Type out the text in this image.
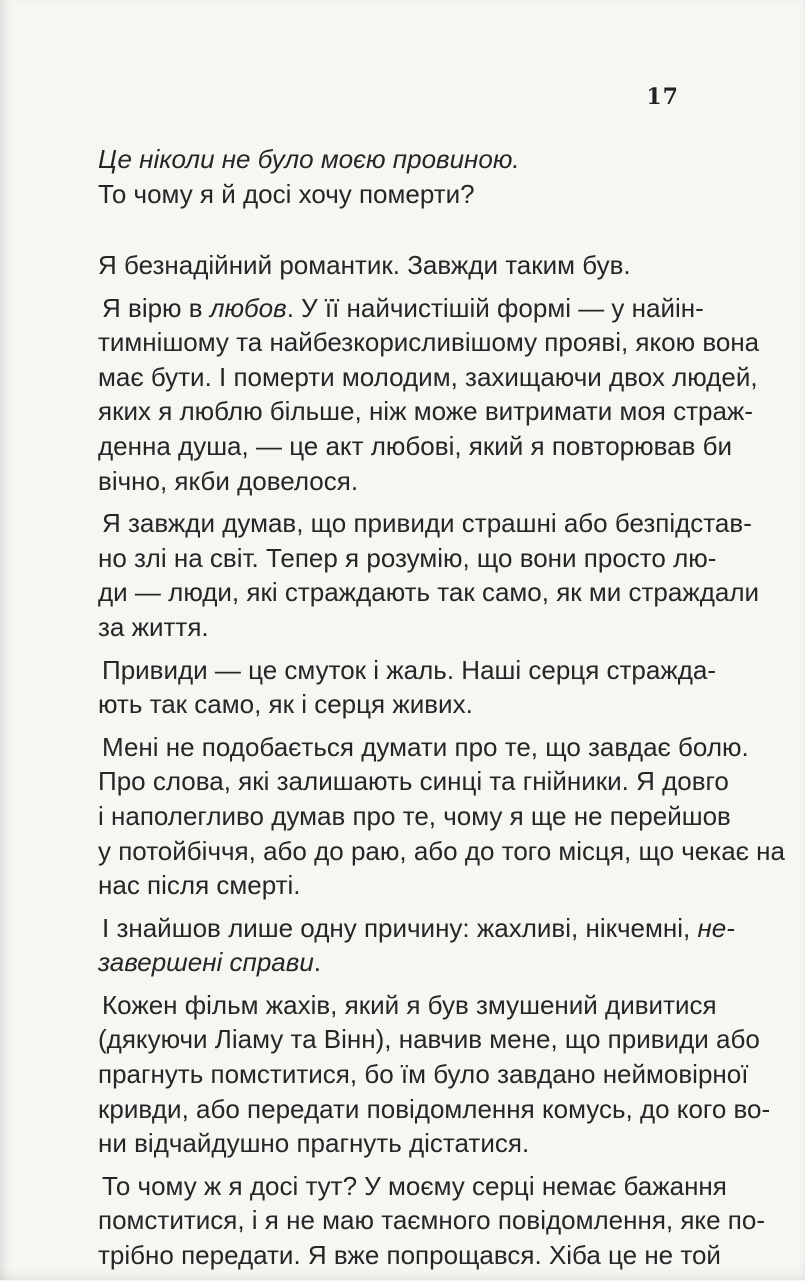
17

Це ніколи не було моєю провиною.

То чому я й досі хочу померти?

Я безнадійний романтик. Завжди таким був.

Я вірю в любов. У її найчистішій формі — у найін-
тимнішому та найбезкорисливішому прояві, якою вона
має бути. І померти молодим, захищаючи двох людей,
яких я люблю більше, ніж може витримати моя страж-
денна душа, — це акт любові, який я повторював би
вічно, якби довелося.

Я завжди думав, що привиди страшні або безпідстав-
но злі на світ. Тепер я розумію, що вони просто лю-
ди — люди, які страждають так само, як ми страждали
за життя.

Привиди — це смуток і жаль. Наші серця стражда-
ють так само, як і серця живих.

Мені не подобається думати про те, що завдає болю.
Про слова, які залишають синці та гнійники. Я довго
і наполегливо думав про те, чому я ще не перейшов
у потойбіччя, або до раю, або до того місця, що чекає на
нас після смерті.

І знайшов лише одну причину: жахливі, нікчемні, не-
завершені справи.

Кожен фільм жахів, який я був змушений дивитися
(дякуючи Ліаму та Вінн), навчив мене, що привиди або
прагнуть помститися, бо їм було завдано неймовірної
кривди, або передати повідомлення комусь, до кого во-
ни відчайдушно прагнуть дістатися.

То чому ж я досі тут? У моєму серці немає бажання
помститися, і я не маю таємного повідомлення, яке по-
трібно передати. Я вже попрощався. Хіба це не той
